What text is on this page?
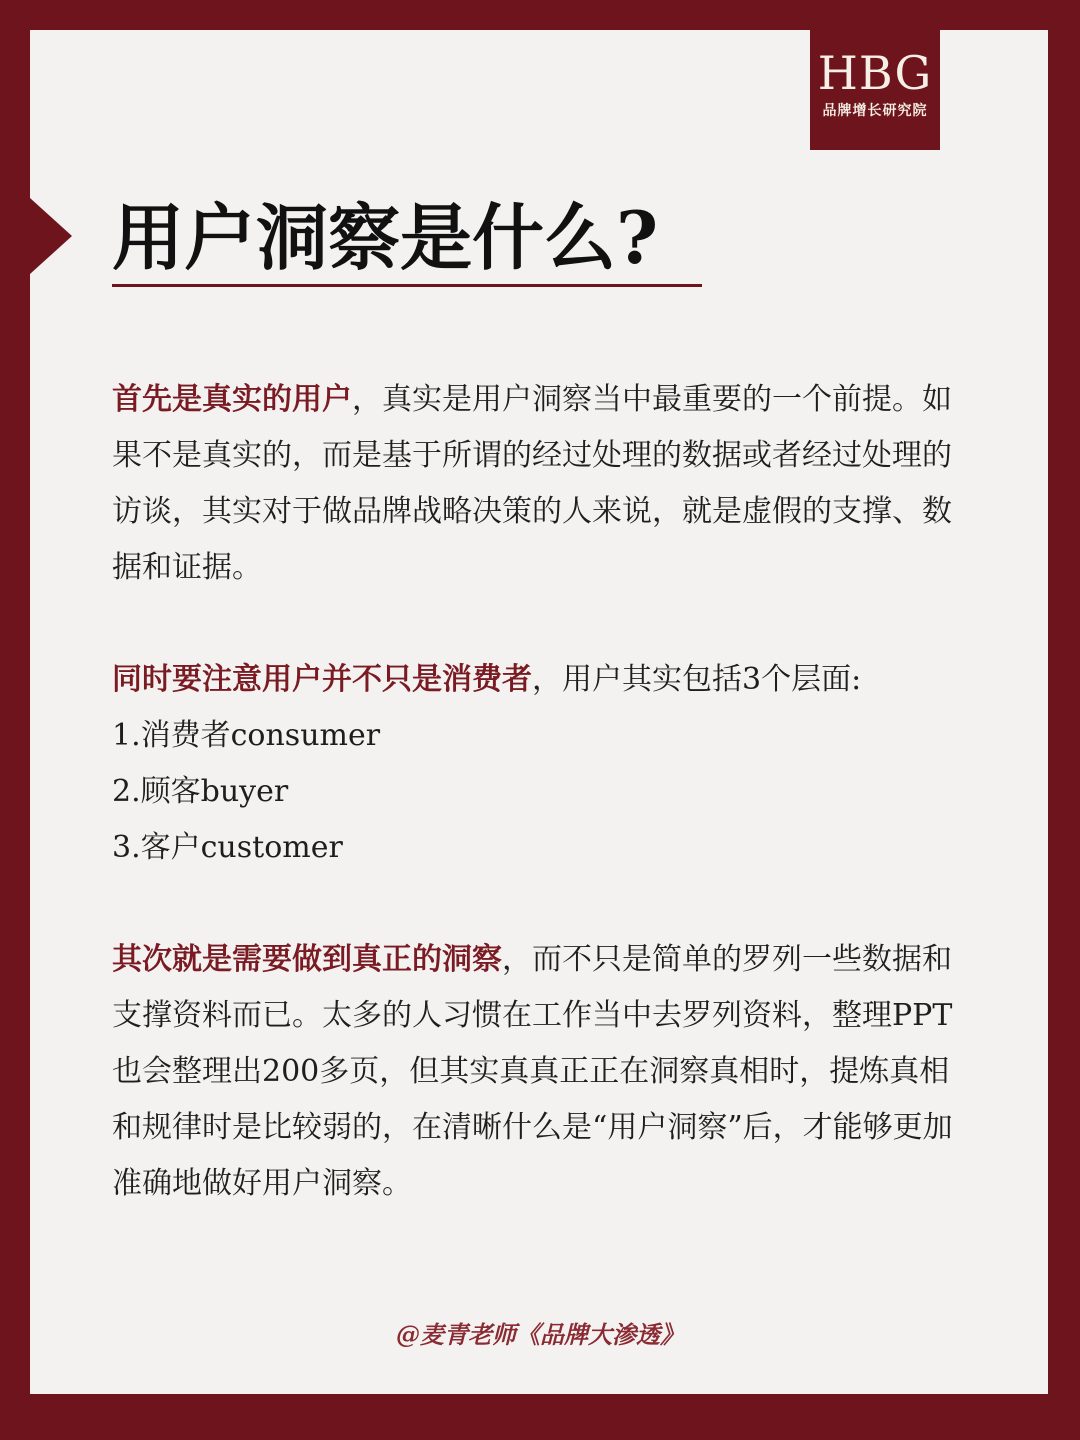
HBG
品牌增长研究院
用户洞察是什么?

首先是真实的用户，真实是用户洞察当中最重要的一个前提。如果不是真实的，而是基于所谓的经过处理的数据或者经过处理的访谈，其实对于做品牌战略决策的人来说，就是虚假的支撑、数据和证据。

同时要注意用户并不只是消费者，用户其实包括3个层面:

1.消费者consumer

2.顾客buyer

3.客户customer

其次就是需要做到真正的洞察，而不只是简单的罗列一些数据和支撑资料而已。太多的人习惯在工作当中去罗列资料，整理PPT也会整理出200多页，但其实真真正正在洞察真相时，提炼真相和规律时是比较弱的，在清晰什么是“用户洞察”后，才能够更加准确地做好用户洞察。

@麦青老师《品牌大渗透》
